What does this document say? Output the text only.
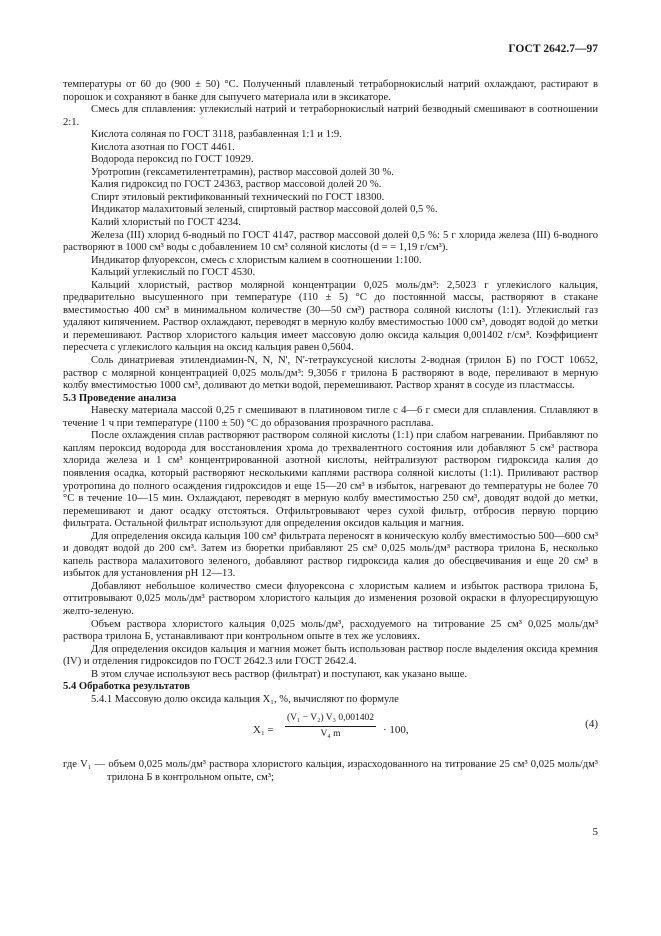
ГОСТ 2642.7—97

температуры от 60 до (900 ± 50) °С. Полученный плавленый тетраборнокислый натрий охлаждают, растирают в порошок и сохраняют в банке для сыпучего материала или в эксикаторе.

Смесь для сплавления: углекислый натрий и тетраборнокислый натрий безводный смешивают в соотношении 2:1.

Кислота соляная по ГОСТ 3118, разбавленная 1:1 и 1:9.

Кислота азотная по ГОСТ 4461.

Водорода пероксид по ГОСТ 10929.

Уротропин (гексаметилентетрамин), раствор массовой долей 30 %.

Калия гидроксид по ГОСТ 24363, раствор массовой долей 20 %.

Спирт этиловый ректификованный технический по ГОСТ 18300.

Индикатор малахитовый зеленый, спиртовый раствор массовой долей 0,5 %.

Калий хлористый по ГОСТ 4234.

Железа (III) хлорид 6-водный по ГОСТ 4147, раствор массовой долей 0,5 %: 5 г хлорида железа (III) 6-водного растворяют в 1000 см³ воды с добавлением 10 см³ соляной кислоты (d = = 1,19 г/см³).

Индикатор флуорексон, смесь с хлористым калием в соотношении 1:100.

Кальций углекислый по ГОСТ 4530.

Кальций хлористый, раствор молярной концентрации 0,025 моль/дм³: 2,5023 г углекислого кальция, предварительно высушенного при температуре (110 ± 5) °С до постоянной массы, растворяют в стакане вместимостью 400 см³ в минимальном количестве (30—50 см³) раствора соляной кислоты (1:1). Углекислый газ удаляют кипячением. Раствор охлаждают, переводят в мерную колбу вместимостью 1000 см³, доводят водой до метки и перемешивают. Раствор хлористого кальция имеет массовую долю оксида кальция 0,001402 г/см³. Коэффициент пересчета с углекислого кальция на оксид кальция равен 0,5604.

Соль динатриевая этилендиамин-N, N, N', N'-тетрауксусной кислоты 2-водная (трилон Б) по ГОСТ 10652, раствор с молярной концентрацией 0,025 моль/дм³: 9,3056 г трилона Б растворяют в воде, переливают в мерную колбу вместимостью 1000 см³, доливают до метки водой, перемешивают. Раствор хранят в сосуде из пластмассы.

5.3 Проведение анализа

Навеску материала массой 0,25 г смешивают в платиновом тигле с 4—6 г смеси для сплавления. Сплавляют в течение 1 ч при температуре (1100 ± 50) °С до образования прозрачного расплава.

После охлаждения сплав растворяют раствором соляной кислоты (1:1) при слабом нагревании. Прибавляют по каплям пероксид водорода для восстановления хрома до трехвалентного состояния или добавляют 5 см³ раствора хлорида железа и 1 см³ концентрированной азотной кислоты, нейтрализуют раствором гидроксида калия до появления осадка, который растворяют несколькими каплями раствора соляной кислоты (1:1). Приливают раствор уротропина до полного осаждения гидроксидов и еще 15—20 см³ в избыток, нагревают до температуры не более 70 °С в течение 10—15 мин. Охлаждают, переводят в мерную колбу вместимостью 250 см³, доводят водой до метки, перемешивают и дают осадку отстояться. Отфильтровывают через сухой фильтр, отбросив первую порцию фильтрата. Остальной фильтрат используют для определения оксидов кальция и магния.

Для определения оксида кальция 100 см³ фильтрата переносят в коническую колбу вместимостью 500—600 см³ и доводят водой до 200 см³. Затем из бюретки прибавляют 25 см³ 0,025 моль/дм³ раствора трилона Б, несколько капель раствора малахитового зеленого, добавляют раствор гидроксида калия до обесцвечивания и еще 20 см³ в избыток для установления pH 12—13.

Добавляют небольшое количество смеси флуорексона с хлористым калием и избыток раствора трилона Б, оттитровывают 0,025 моль/дм³ раствором хлористого кальция до изменения розовой окраски в флуоресцирующую желто-зеленую.

Объем раствора хлористого кальция 0,025 моль/дм³, расходуемого на титрование 25 см³ 0,025 моль/дм³ раствора трилона Б, устанавливают при контрольном опыте в тех же условиях.

Для определения оксидов кальция и магния может быть использован раствор после выделения оксида кремния (IV) и отделения гидроксидов по ГОСТ 2642.3 или ГОСТ 2642.4.

В этом случае используют весь раствор (фильтрат) и поступают, как указано выше.

5.4 Обработка результатов

5.4.1 Массовую долю оксида кальция X₁, %, вычисляют по формуле

$X_1 = \frac{\text{(V₁ − V₂) V₃ 0,001402}}{\text{V₄ m}} \cdot 100$,	(4)

где V₁ — объем 0,025 моль/дм³ раствора хлористого кальция, израсходованного на титрование 25 см³ 0,025 моль/дм³ трилона Б в контрольном опыте, см³;

5
